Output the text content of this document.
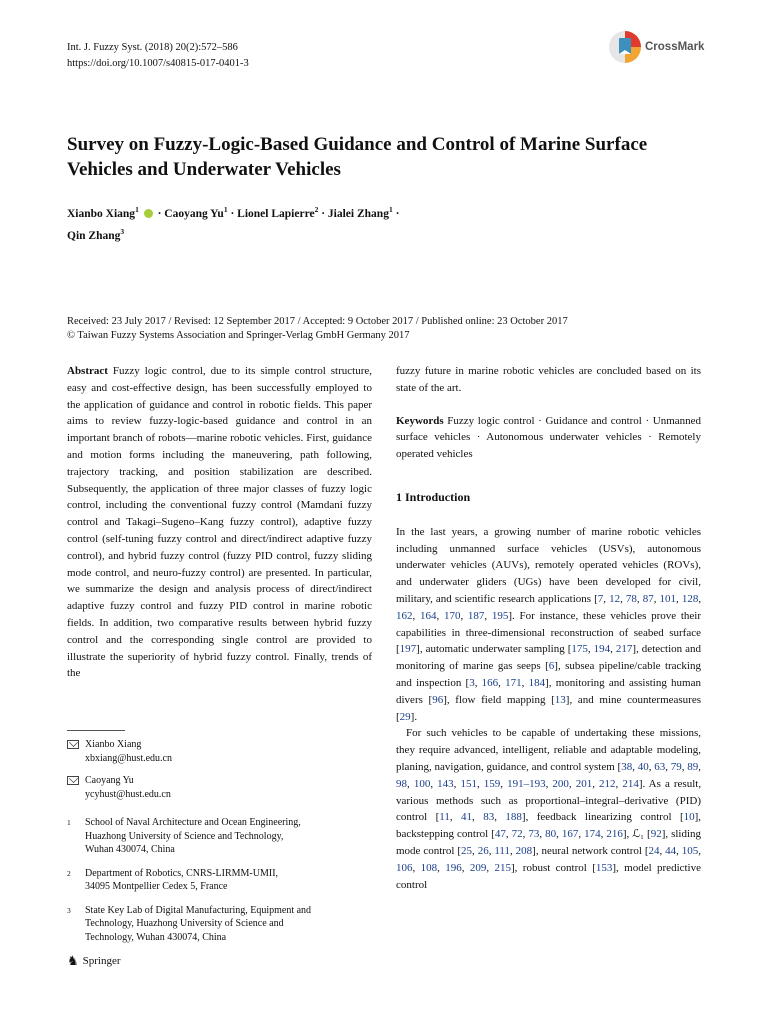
Int. J. Fuzzy Syst. (2018) 20(2):572–586
https://doi.org/10.1007/s40815-017-0401-3
CrossMark
Survey on Fuzzy-Logic-Based Guidance and Control of Marine Surface Vehicles and Underwater Vehicles
Xianbo Xiang$^1$  · Caoyang $Yu^1$ · Lionel Lapierre$^2$ · Jialei Zhang$^1$ ·
Qin Zhang$^3$
Received: 23 July 2017 / Revised: 12 September 2017 / Accepted: 9 October 2017 / Published online: 23 October 2017
© Taiwan Fuzzy Systems Association and Springer-Verlag GmbH Germany 2017

Abstract Fuzzy logic control, due to its simple control structure, easy and cost-effective design, has been successfully employed to the application of guidance and control in robotic fields. This paper aims to review fuzzy-logic-based guidance and control in an important branch of robots—marine robotic vehicles. First, guidance and motion forms including the maneuvering, path following, trajectory tracking, and position stabilization are described. Subsequently, the application of three major classes of fuzzy logic control, including the conventional fuzzy control (Mamdani fuzzy control and Takagi–Sugeno–Kang fuzzy control), adaptive fuzzy control (self-tuning fuzzy control and direct/indirect adaptive fuzzy control), and hybrid fuzzy control (fuzzy PID control, fuzzy sliding mode control, and neuro-fuzzy control) are presented. In particular, we summarize the design and analysis process of direct/indirect adaptive fuzzy control and fuzzy PID control in marine robotic fields. In addition, two comparative results between hybrid fuzzy control and the corresponding single control are provided to illustrate the superiority of hybrid fuzzy control. Finally, trends of the

Xianbo Xiang
xbxiang@hust.edu.cn
Caoyang Yu
ycyhust@hust.edu.cn
1	School of Naval Architecture and Ocean Engineering,
Huazhong University of Science and Technology,
Wuhan 430074, China
2	Department of Robotics, CNRS-LIRMM-UMII,
34095 Montpellier Cedex 5, France
3	State Key Lab of Digital Manufacturing, Equipment and
Technology, Huazhong University of Science and
Technology, Wuhan 430074, China
♞ Springer

fuzzy future in marine robotic vehicles are concluded based on its state of the art.

Keywords Fuzzy logic control · Guidance and control · Unmanned surface vehicles · Autonomous underwater vehicles · Remotely operated vehicles

1 Introduction

In the last years, a growing number of marine robotic vehicles including unmanned surface vehicles (USVs), autonomous underwater vehicles (AUVs), remotely operated vehicles (ROVs), and underwater gliders (UGs) have been developed for civil, military, and scientific research applications [7, 12, 78, 87, 101, 128, 162, 164, 170, 187, 195]. For instance, these vehicles prove their capabilities in three-dimensional reconstruction of seabed surface [197], automatic underwater sampling [175, 194, 217], detection and monitoring of marine gas seeps [6], subsea pipeline/cable tracking and inspection [3, 166, 171, 184], monitoring and assisting human divers [96], flow field mapping [13], and mine countermeasures [29].

For such vehicles to be capable of undertaking these missions, they require advanced, intelligent, reliable and adaptable modeling, planing, navigation, guidance, and control system [38, 40, 63, 79, 89, 98, 100, 143, 151, 159, 191–193, 200, 201, 212, 214]. As a result, various methods such as proportional–integral–derivative (PID) control [11, 41, 83, 188], feedback linearizing control [10], backstepping control [47, 72, 73, 80, 167, 174, 216], ℒ₁ [92], sliding mode control [25, 26, 111, 208], neural network control [24, 44, 105, 106, 108, 196, 209, 215], robust control [153], model predictive control
